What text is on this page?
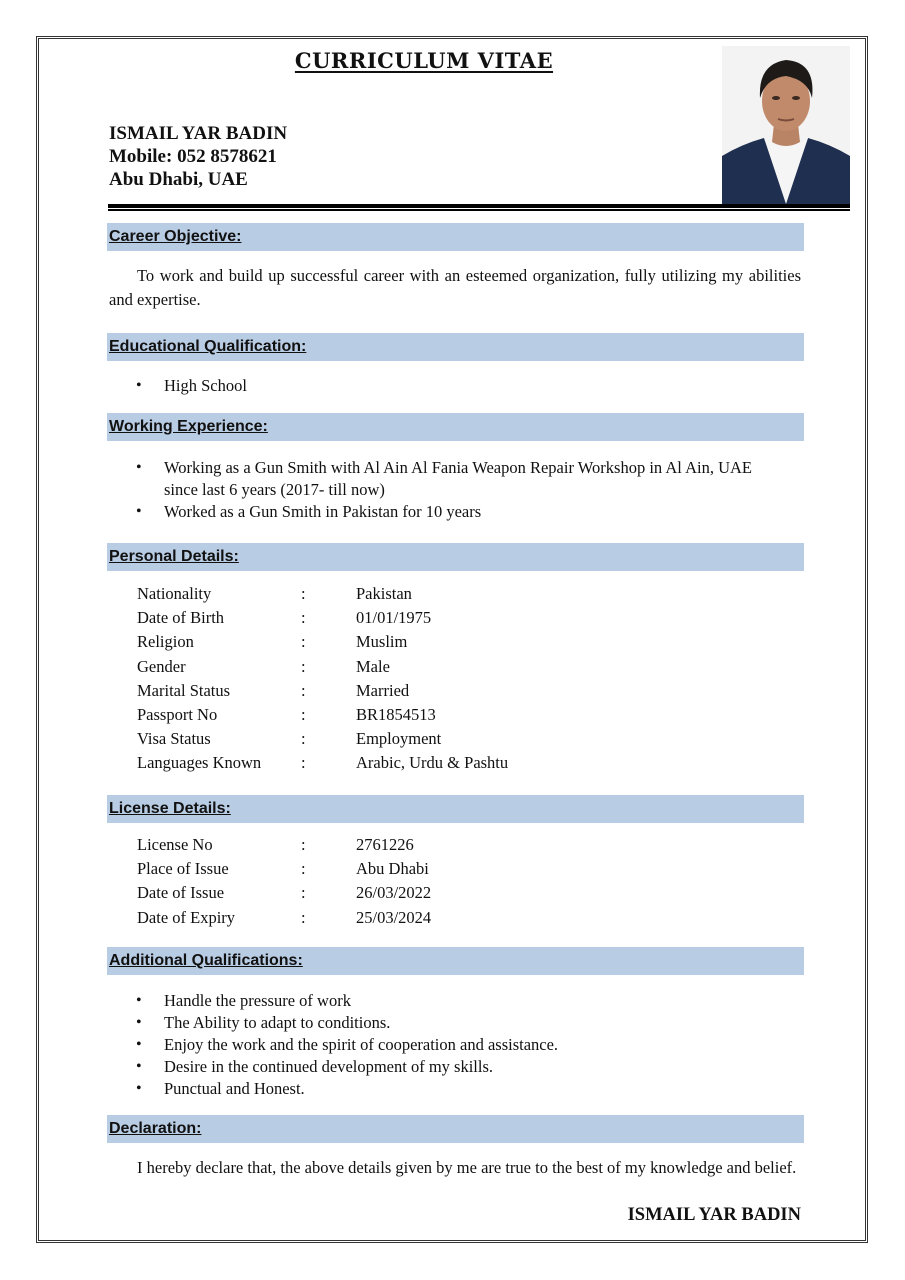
CURRICULUM VITAE
ISMAIL YAR BADIN
Mobile: 052 8578621
Abu Dhabi, UAE
Career Objective:
To work and build up successful career with an esteemed organization, fully utilizing my abilities and expertise.
Educational Qualification:
• High School
Working Experience:
• Working as a Gun Smith with Al Ain Al Fania Weapon Repair Workshop in Al Ain, UAE since last 6 years (2017- till now)
• Worked as a Gun Smith in Pakistan for 10 years
Personal Details:
Nationality	:	Pakistan
Date of Birth	:	01/01/1975
Religion	:	Muslim
Gender	:	Male
Marital Status	:	Married
Passport No	:	BR1854513
Visa Status	:	Employment
Languages Known	:	Arabic, Urdu & Pashtu
License Details:
License No	:	2761226
Place of Issue	:	Abu Dhabi
Date of Issue	:	26/03/2022
Date of Expiry	:	25/03/2024
Additional Qualifications:
• Handle the pressure of work
• The Ability to adapt to conditions.
• Enjoy the work and the spirit of cooperation and assistance.
• Desire in the continued development of my skills.
• Punctual and Honest.
Declaration:
I hereby declare that, the above details given by me are true to the best of my knowledge and belief.
ISMAIL YAR BADIN
